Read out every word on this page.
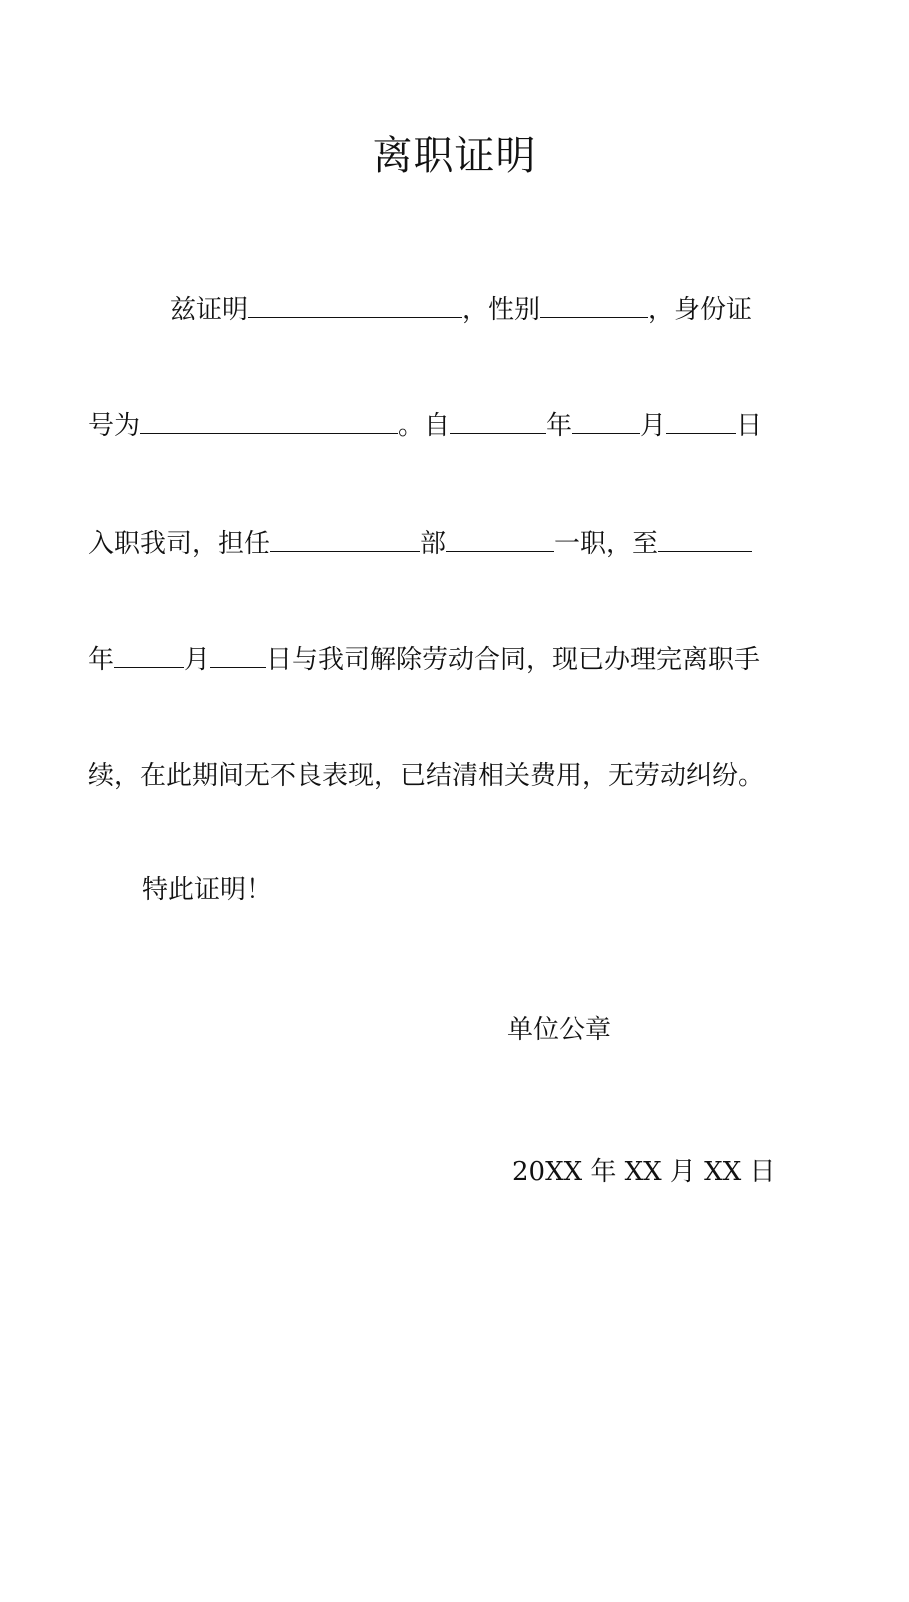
离职证明
兹证明	，性别	，身份证
号为	。自	年	月	日
入职我司，担任	部	一职，至
年	月 日与我司解除劳动合同，现已办理完离职手
续，在此期间无不良表现，已结清相关费用，无劳动纠纷。
特此证明！
单位公章
20XX 年 XX 月 XX 日
